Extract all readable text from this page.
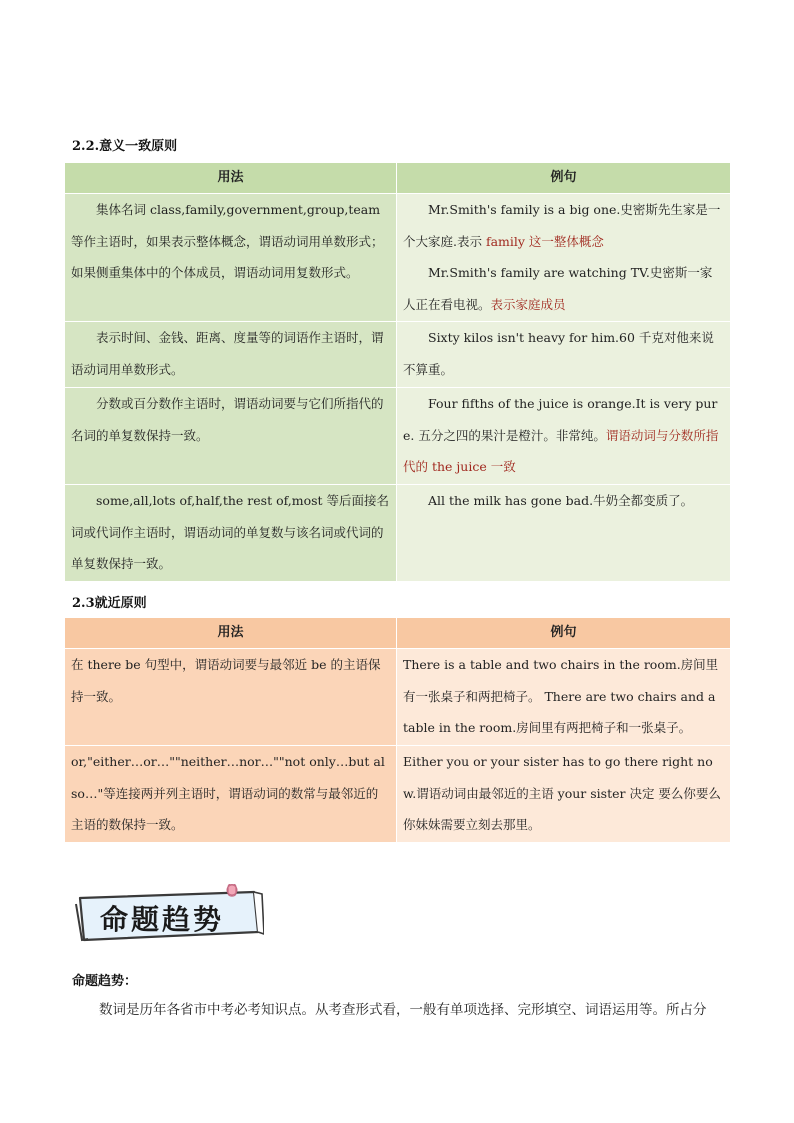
2.2.意义一致原则
用法	例句
集体名词 class,family,government,group,team 等作主语时，如果表示整体概念，谓语动词用单数形式；如果侧重集体中的个体成员，谓语动词用复数形式。	Mr.Smith's family is a big one.史密斯先生家是一个大家庭.表示 family 这一整体概念
Mr.Smith's family are watching TV.史密斯一家人正在看电视。表示家庭成员

表示时间、金钱、距离、度量等的词语作主语时，谓语动词用单数形式。	Sixty kilos isn't heavy for him.60 千克对他来说不算重。
分数或百分数作主语时，谓语动词要与它们所指代的名词的单复数保持一致。	Four fifths of the juice is orange.It is very pure. 五分之四的果汁是橙汁。非常纯。谓语动词与分数所指代的 the juice 一致
some,all,lots of,half,the rest of,most 等后面接名词或代词作主语时，谓语动词的单复数与该名词或代词的单复数保持一致。	All the milk has gone bad.牛奶全都变质了。
2.3就近原则
用法	例句
在 there be 句型中，谓语动词要与最邻近 be 的主语保持一致。	There is a table and two chairs in the room.房间里有一张桌子和两把椅子。 There are two chairs and a table in the room.房间里有两把椅子和一张桌子。
or,"either…or…""neither…nor…""not only…but also…"等连接两并列主语时，谓语动词的数常与最邻近的主语的数保持一致。	Either you or your sister has to go there right now.谓语动词由最邻近的主语 your sister 决定 要么你要么你妹妹需要立刻去那里。
命题趋势
命题趋势：
数词是历年各省市中考必考知识点。从考查形式看，一般有单项选择、完形填空、词语运用等。所占分
